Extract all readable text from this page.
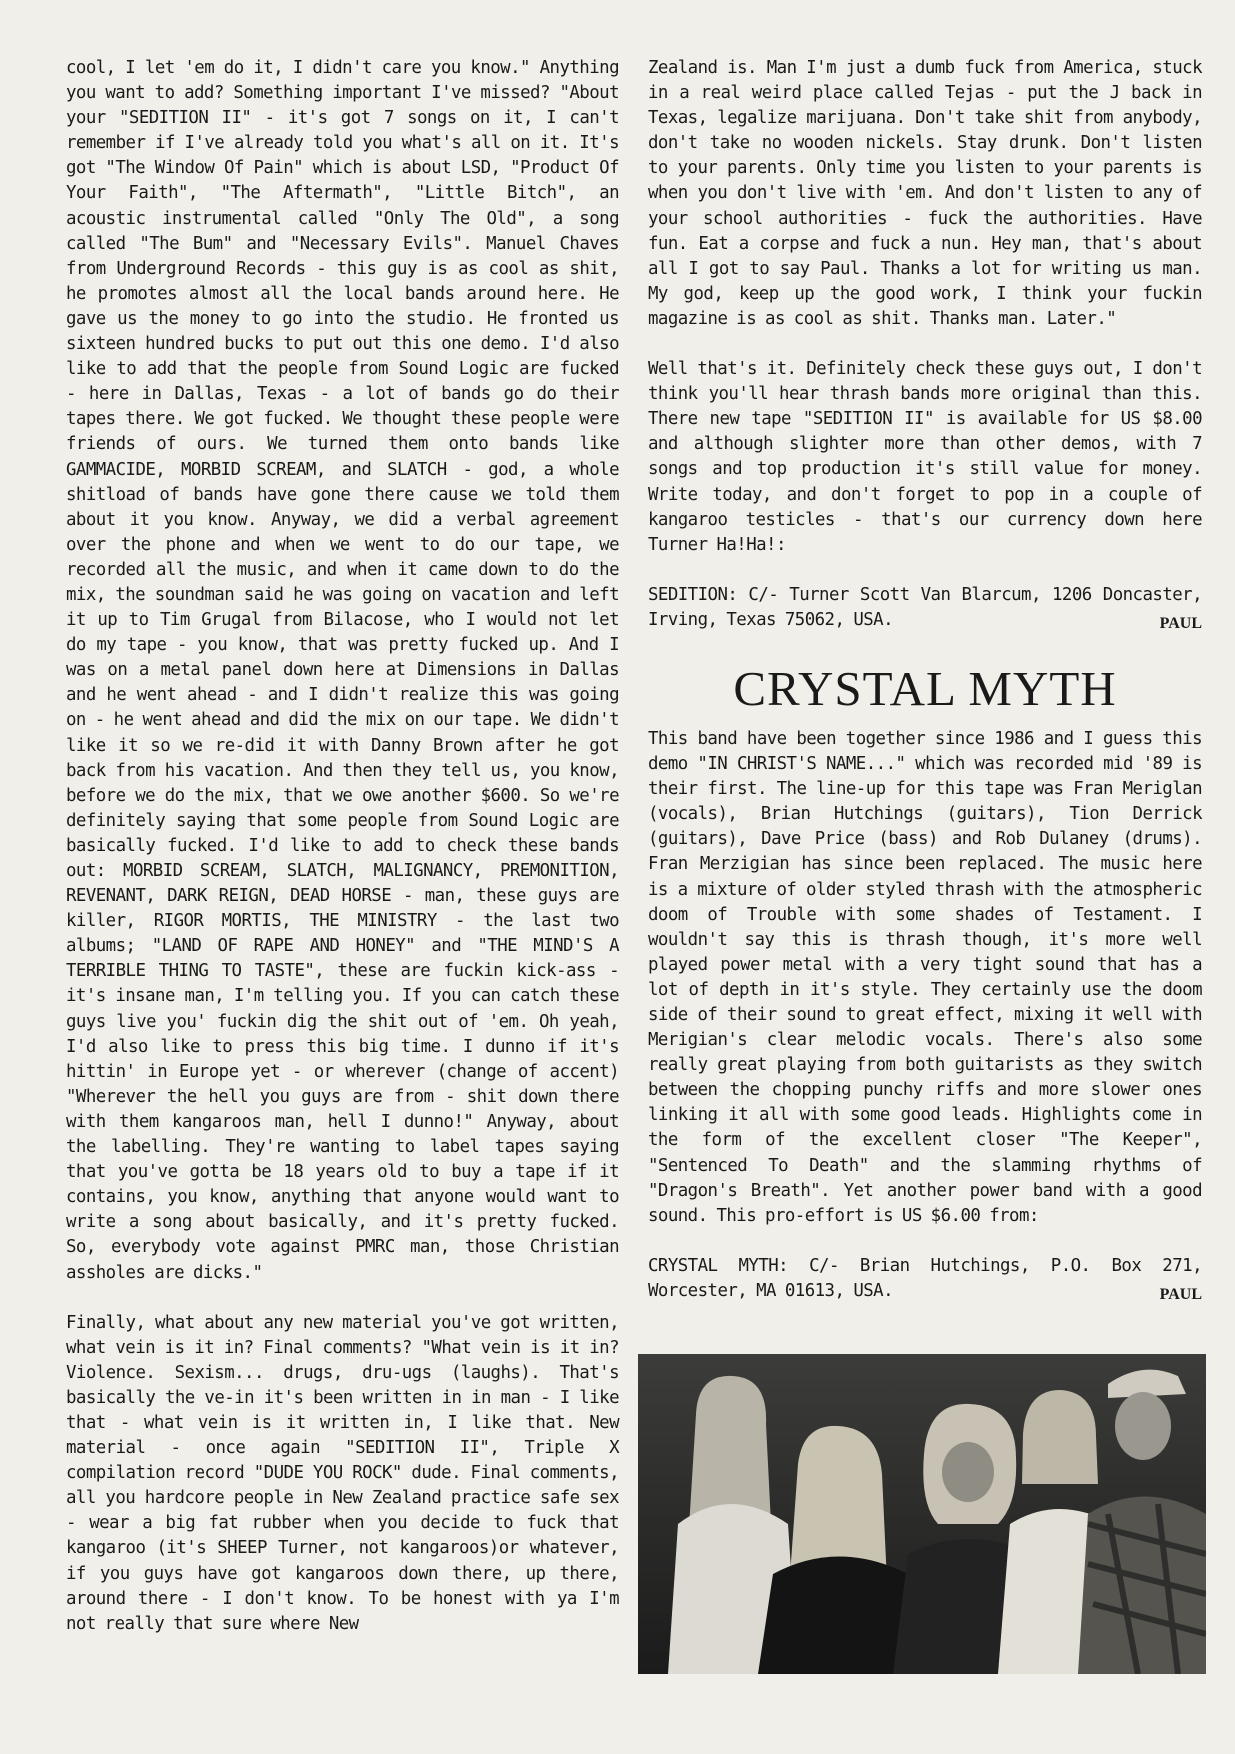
cool, I let 'em do it, I didn't care you know." Anything you want to add? Something important I've missed? "About your "SEDITION II" - it's got 7 songs on it, I can't remember if I've already told you what's all on it. It's got "The Window Of Pain" which is about LSD, "Product Of Your Faith", "The Aftermath", "Little Bitch", an acoustic instrumental called "Only The Old", a song called "The Bum" and "Necessary Evils". Manuel Chaves from Underground Records - this guy is as cool as shit, he promotes almost all the local bands around here. He gave us the money to go into the studio. He fronted us sixteen hundred bucks to put out this one demo. I'd also like to add that the people from Sound Logic are fucked - here in Dallas, Texas - a lot of bands go do their tapes there. We got fucked. We thought these people were friends of ours. We turned them onto bands like GAMMACIDE, MORBID SCREAM, and SLATCH - god, a whole shitload of bands have gone there cause we told them about it you know. Anyway, we did a verbal agreement over the phone and when we went to do our tape, we recorded all the music, and when it came down to do the mix, the soundman said he was going on vacation and left it up to Tim Grugal from Bilacose, who I would not let do my tape - you know, that was pretty fucked up. And I was on a metal panel down here at Dimensions in Dallas and he went ahead - and I didn't realize this was going on - he went ahead and did the mix on our tape. We didn't like it so we re-did it with Danny Brown after he got back from his vacation. And then they tell us, you know, before we do the mix, that we owe another $600. So we're definitely saying that some people from Sound Logic are basically fucked. I'd like to add to check these bands out: MORBID SCREAM, SLATCH, MALIGNANCY, PREMONITION, REVENANT, DARK REIGN, DEAD HORSE - man, these guys are killer, RIGOR MORTIS, THE MINISTRY - the last two albums; "LAND OF RAPE AND HONEY" and "THE MIND'S A TERRIBLE THING TO TASTE", these are fuckin kick-ass - it's insane man, I'm telling you. If you can catch these guys live you' fuckin dig the shit out of 'em. Oh yeah, I'd also like to press this big time. I dunno if it's hittin' in Europe yet - or wherever (change of accent) "Wherever the hell you guys are from - shit down there with them kangaroos man, hell I dunno!" Anyway, about the labelling. They're wanting to label tapes saying that you've gotta be 18 years old to buy a tape if it contains, you know, anything that anyone would want to write a song about basically, and it's pretty fucked. So, everybody vote against PMRC man, those Christian assholes are dicks."

Finally, what about any new material you've got written, what vein is it in? Final comments? "What vein is it in? Violence. Sexism... drugs, dru-ugs (laughs). That's basically the ve-in it's been written in in man - I like that - what vein is it written in, I like that. New material - once again "SEDITION II", Triple X compilation record "DUDE YOU ROCK" dude. Final comments, all you hardcore people in New Zealand practice safe sex - wear a big fat rubber when you decide to fuck that kangaroo (it's SHEEP Turner, not kangaroos)or whatever, if you guys have got kangaroos down there, up there, around there - I don't know. To be honest with ya I'm not really that sure where New

Zealand is. Man I'm just a dumb fuck from America, stuck in a real weird place called Tejas - put the J back in Texas, legalize marijuana. Don't take shit from anybody, don't take no wooden nickels. Stay drunk. Don't listen to your parents. Only time you listen to your parents is when you don't live with 'em. And don't listen to any of your school authorities - fuck the authorities. Have fun. Eat a corpse and fuck a nun. Hey man, that's about all I got to say Paul. Thanks a lot for writing us man. My god, keep up the good work, I think your fuckin magazine is as cool as shit. Thanks man. Later."

Well that's it. Definitely check these guys out, I don't think you'll hear thrash bands more original than this. There new tape "SEDITION II" is available for US $8.00 and although slighter more than other demos, with 7 songs and top production it's still value for money. Write today, and don't forget to pop in a couple of kangaroo testicles - that's our currency down here Turner Ha!Ha!:

SEDITION: C/- Turner Scott Van Blarcum, 1206 Doncaster, Irving, Texas 75062, USA.	PAUL
CRYSTAL MYTH

This band have been together since 1986 and I guess this demo "IN CHRIST'S NAME..." which was recorded mid '89 is their first. The line-up for this tape was Fran Meriglan (vocals), Brian Hutchings (guitars), Tion Derrick (guitars), Dave Price (bass) and Rob Dulaney (drums). Fran Merzigian has since been replaced. The music here is a mixture of older styled thrash with the atmospheric doom of Trouble with some shades of Testament. I wouldn't say this is thrash though, it's more well played power metal with a very tight sound that has a lot of depth in it's style. They certainly use the doom side of their sound to great effect, mixing it well with Merigian's clear melodic vocals. There's also some really great playing from both guitarists as they switch between the chopping punchy riffs and more slower ones linking it all with some good leads. Highlights come in the form of the excellent closer "The Keeper", "Sentenced To Death" and the slamming rhythms of "Dragon's Breath". Yet another power band with a good sound. This pro-effort is US $6.00 from:

CRYSTAL MYTH: C/- Brian Hutchings, P.O. Box 271, Worcester, MA 01613, USA.	PAUL
